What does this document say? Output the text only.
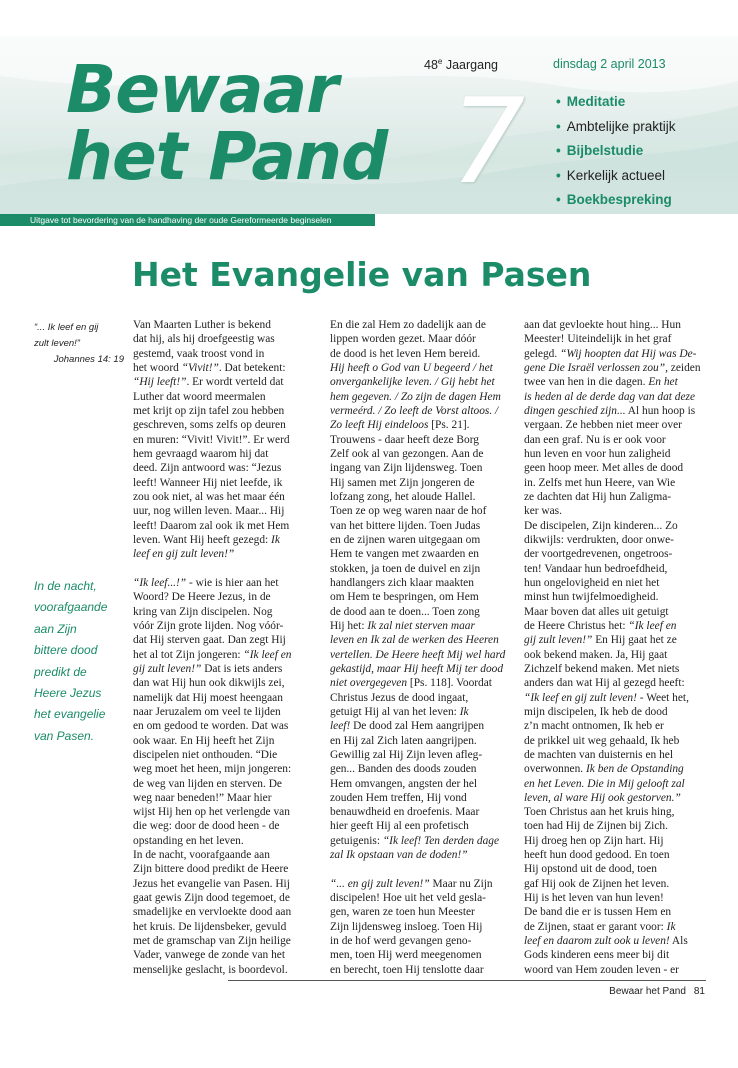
Bewaar
het Pand 7
48e Jaargang	dinsdag 2 april 2013
• Meditatie
• Ambtelijke praktijk
• Bijbelstudie
• Kerkelijk actueel
• Boekbespreking
Uitgave tot bevordering van de handhaving der oude Gereformeerde beginselen
Het Evangelie van Pasen
“... Ik leef en gij
zult leven!”
Johannes 14: 19
In de nacht,
voorafgaande
aan Zijn
bittere dood
predikt de
Heere Jezus
het evangelie
van Pasen.
Van Maarten Luther is bekend
dat hij, als hij droefgeestig was
gestemd, vaak troost vond in
het woord “Vivit!”. Dat betekent:
“Hij leeft!”. Er wordt verteld dat
Luther dat woord meermalen
met krijt op zijn tafel zou hebben
geschreven, soms zelfs op deuren
en muren: “Vivit! Vivit!”. Er werd
hem gevraagd waarom hij dat
deed. Zijn antwoord was: “Jezus
leeft! Wanneer Hij niet leefde, ik
zou ook niet, al was het maar één
uur, nog willen leven. Maar... Hij
leeft! Daarom zal ook ik met Hem
leven. Want Hij heeft gezegd: Ik
leef en gij zult leven!”
“Ik leef...!” - wie is hier aan het
Woord? De Heere Jezus, in de
kring van Zijn discipelen. Nog
vóór Zijn grote lijden. Nog vóór-
dat Hij sterven gaat. Dan zegt Hij
het al tot Zijn jongeren: “Ik leef en
gij zult leven!” Dat is iets anders
dan wat Hij hun ook dikwijls zei,
namelijk dat Hij moest heengaan
naar Jeruzalem om veel te lijden
en om gedood te worden. Dat was
ook waar. En Hij heeft het Zijn
discipelen niet onthouden. “Die
weg moet het heen, mijn jongeren:
de weg van lijden en sterven. De
weg naar beneden!” Maar hier
wijst Hij hen op het verlengde van
die weg: door de dood heen - de
opstanding en het leven.
In de nacht, voorafgaande aan
Zijn bittere dood predikt de Heere
Jezus het evangelie van Pasen. Hij
gaat gewis Zijn dood tegemoet, de
smadelijke en vervloekte dood aan
het kruis. De lijdensbeker, gevuld
met de gramschap van Zijn heilige
Vader, vanwege de zonde van het
menselijke geslacht, is boordevol.
En die zal Hem zo dadelijk aan de
lippen worden gezet. Maar dóór
de dood is het leven Hem bereid.
Hij heeft o God van U begeerd / het
onvergankelijke leven. / Gij hebt het
hem gegeven. / Zo zijn de dagen Hem
vermeérd. / Zo leeft de Vorst altoos. /
Zo leeft Hij eindeloos [Ps. 21].
Trouwens - daar heeft deze Borg
Zelf ook al van gezongen. Aan de
ingang van Zijn lijdensweg. Toen
Hij samen met Zijn jongeren de
lofzang zong, het aloude Hallel.
Toen ze op weg waren naar de hof
van het bittere lijden. Toen Judas
en de zijnen waren uitgegaan om
Hem te vangen met zwaarden en
stokken, ja toen de duivel en zijn
handlangers zich klaar maakten
om Hem te bespringen, om Hem
de dood aan te doen... Toen zong
Hij het: Ik zal niet sterven maar
leven en Ik zal de werken des Heeren
vertellen. De Heere heeft Mij wel hard
gekastijd, maar Hij heeft Mij ter dood
niet overgegeven [Ps. 118]. Voordat
Christus Jezus de dood ingaat,
getuigt Hij al van het leven: Ik
leef! De dood zal Hem aangrijpen
en Hij zal Zich laten aangrijpen.
Gewillig zal Hij Zijn leven afleg-
gen... Banden des doods zouden
Hem omvangen, angsten der hel
zouden Hem treffen, Hij vond
benauwdheid en droefenis. Maar
hier geeft Hij al een profetisch
getuigenis: “Ik leef! Ten derden dage
zal Ik opstaan van de doden!”
“... en gij zult leven!” Maar nu Zijn
discipelen! Hoe uit het veld geslа-
gen, waren ze toen hun Meester
Zijn lijdensweg insloeg. Toen Hij
in de hof werd gevangen geno-
men, toen Hij werd meegenomen
en berecht, toen Hij tenslotte daar
aan dat gevloekte hout hing... Hun
Meester! Uiteindelijk in het graf
gelegd. “Wij hoopten dat Hij was De-
gene Die Israël verlossen zou”, zeiden
twee van hen in die dagen. En het
is heden al de derde dag van dat deze
dingen geschied zijn... Al hun hoop is
vergaan. Ze hebben niet meer over
dan een graf. Nu is er ook voor
hun leven en voor hun zaligheid
geen hoop meer. Met alles de dood
in. Zelfs met hun Heere, van Wie
ze dachten dat Hij hun Zaligma-
ker was.
De discipelen, Zijn kinderen... Zo
dikwijls: verdrukten, door onwe-
der voortgedrevenen, ongetroos-
ten! Vandaar hun bedroefdheid,
hun ongelovigheid en niet het
minst hun twijfelmoedigheid.
Maar boven dat alles uit getuigt
de Heere Christus het: “Ik leef en
gij zult leven!” En Hij gaat het ze
ook bekend maken. Ja, Hij gaat
Zichzelf bekend maken. Met niets
anders dan wat Hij al gezegd heeft:
“Ik leef en gij zult leven! - Weet het,
mijn discipelen, Ik heb de dood
z’n macht ontnomen, Ik heb er
de prikkel uit weg gehaald, Ik heb
de machten van duisternis en hel
overwonnen. Ik ben de Opstanding
en het Leven. Die in Mij gelooft zal
leven, al ware Hij ook gestorven.”
Toen Christus aan het kruis hing,
toen had Hij de Zijnen bij Zich.
Hij droeg hen op Zijn hart. Hij
heeft hun dood gedood. En toen
Hij opstond uit de dood, toen
gaf Hij ook de Zijnen het leven.
Hij is het leven van hun leven!
De band die er is tussen Hem en
de Zijnen, staat er garant voor: Ik
leef en daarom zult ook u leven! Als
Gods kinderen eens meer bij dit
woord van Hem zouden leven - er
Bewaar het Pand 81
